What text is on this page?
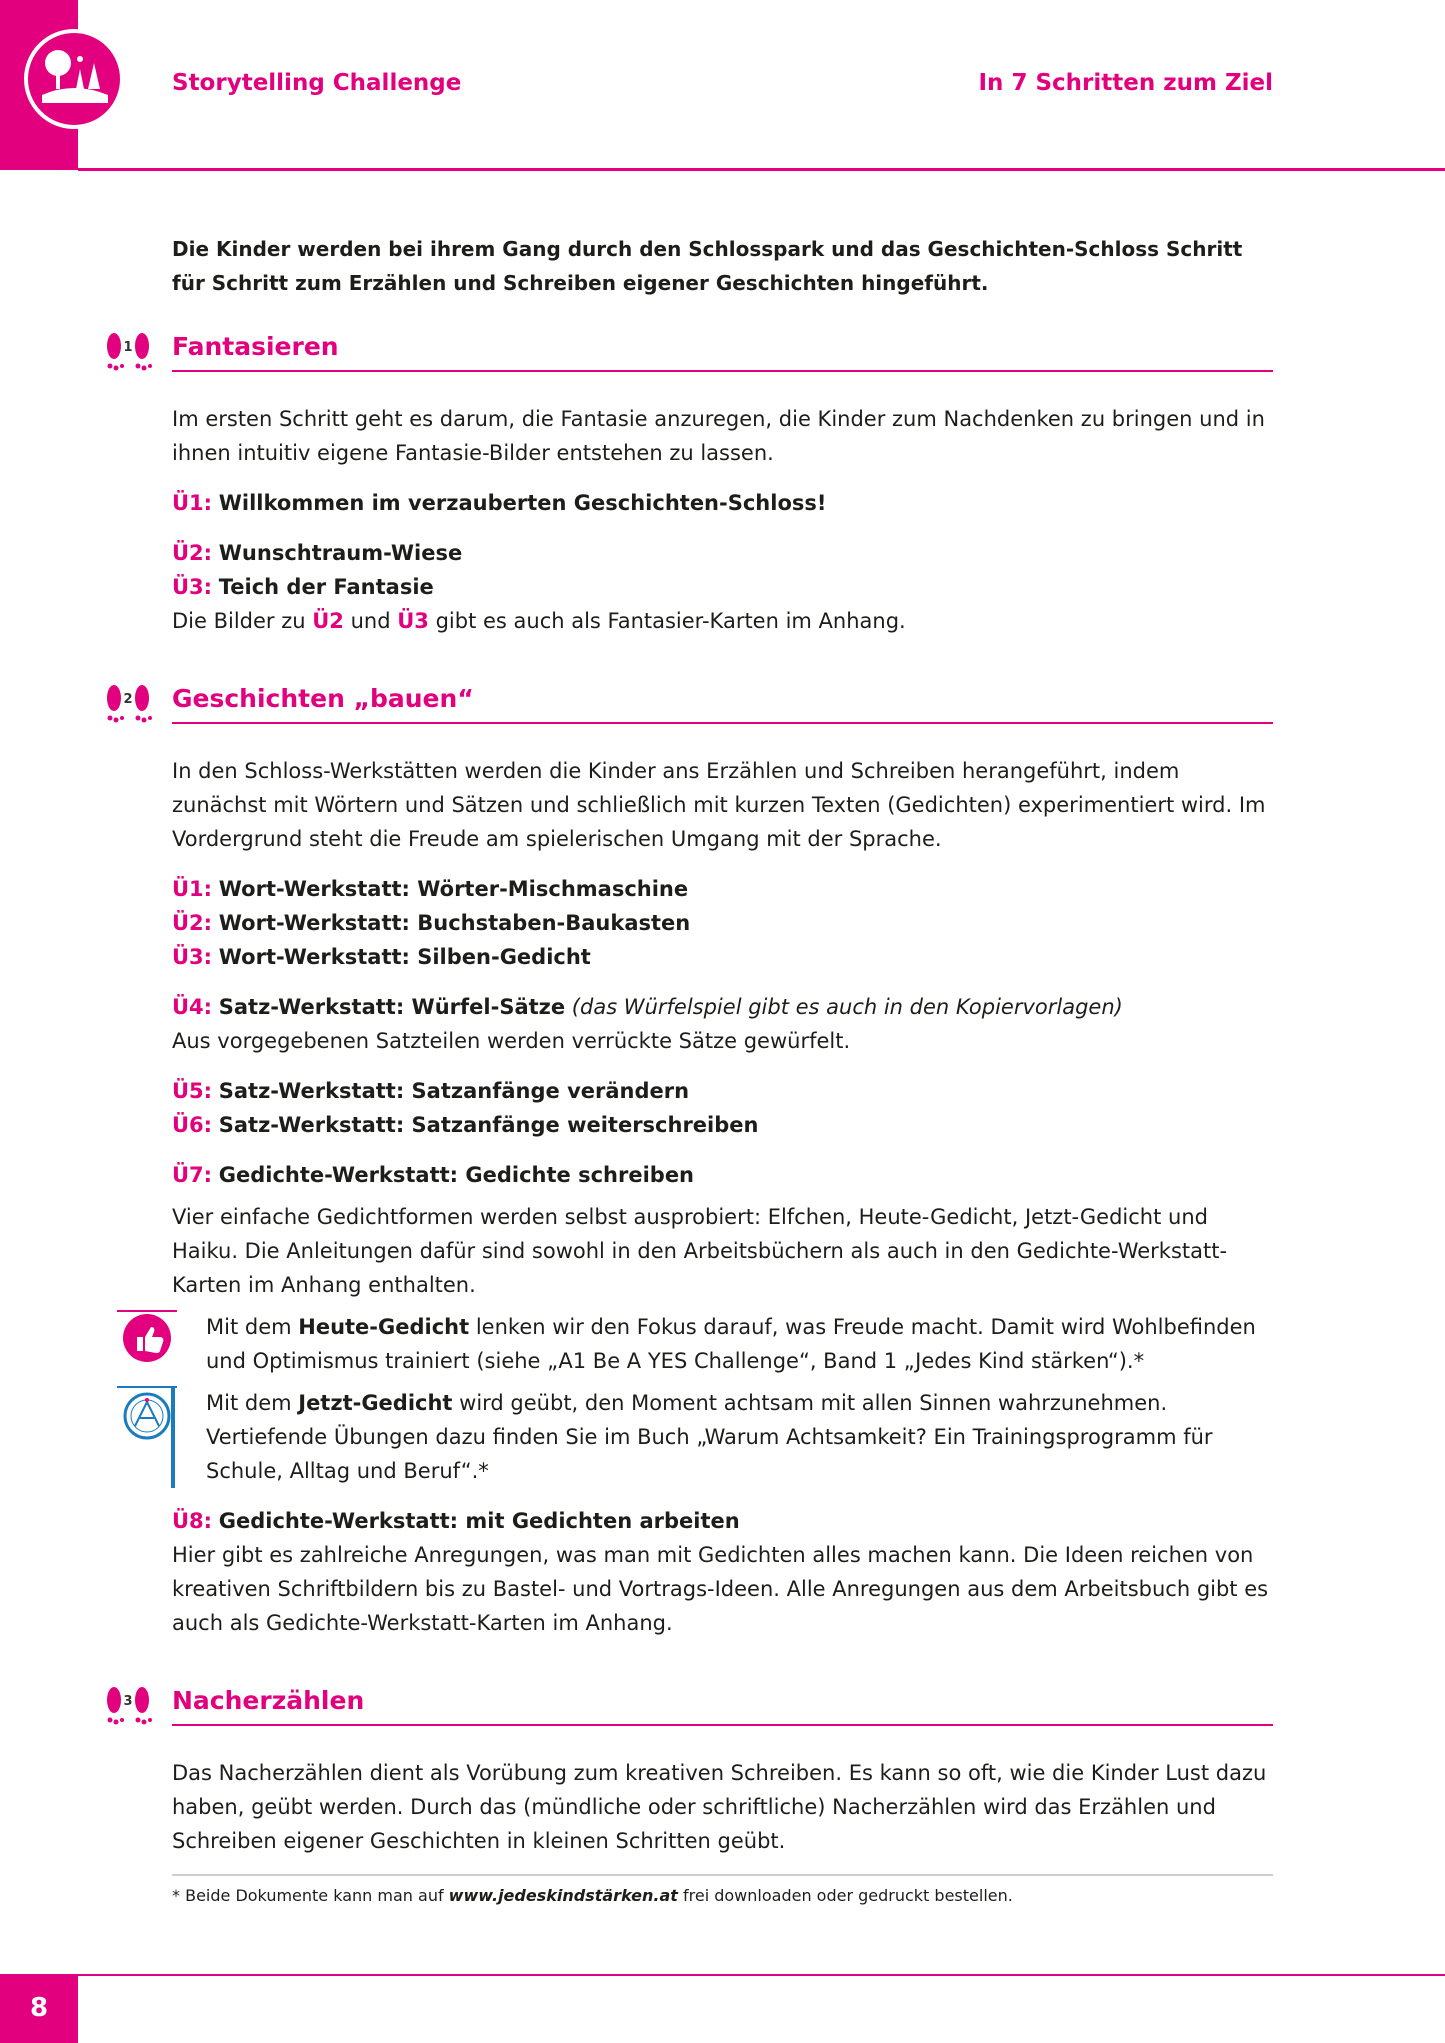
Storytelling Challenge	In 7 Schritten zum Ziel
Die Kinder werden bei ihrem Gang durch den Schlosspark und das Geschichten-Schloss Schritt für Schritt zum Erzählen und Schreiben eigener Geschichten hingeführt.
1 Fantasieren

Im ersten Schritt geht es darum, die Fantasie anzuregen, die Kinder zum Nachdenken zu bringen und in ihnen intuitiv eigene Fantasie-Bilder entstehen zu lassen.

Ü1: Willkommen im verzauberten Geschichten-Schloss!

Ü2: Wunschtraum-Wiese

Ü3: Teich der Fantasie

Die Bilder zu Ü2 und Ü3 gibt es auch als Fantasier-Karten im Anhang.

2 Geschichten „bauen“

In den Schloss-Werkstätten werden die Kinder ans Erzählen und Schreiben herangeführt, indem zunächst mit Wörtern und Sätzen und schließlich mit kurzen Texten (Gedichten) experimentiert wird. Im Vordergrund steht die Freude am spielerischen Umgang mit der Sprache.

Ü1: Wort-Werkstatt: Wörter-Mischmaschine

Ü2: Wort-Werkstatt: Buchstaben-Baukasten

Ü3: Wort-Werkstatt: Silben-Gedicht

Ü4: Satz-Werkstatt: Würfel-Sätze (das Würfelspiel gibt es auch in den Kopiervorlagen)

Aus vorgegebenen Satzteilen werden verrückte Sätze gewürfelt.

Ü5: Satz-Werkstatt: Satzanfänge verändern

Ü6: Satz-Werkstatt: Satzanfänge weiterschreiben

Ü7: Gedichte-Werkstatt: Gedichte schreiben

Vier einfache Gedichtformen werden selbst ausprobiert: Elfchen, Heute-Gedicht, Jetzt-Gedicht und Haiku. Die Anleitungen dafür sind sowohl in den Arbeitsbüchern als auch in den Gedichte-Werkstatt-Karten im Anhang enthalten.

Mit dem Heute-Gedicht lenken wir den Fokus darauf, was Freude macht. Damit wird Wohlbefinden und Optimismus trainiert (siehe „A1 Be A YES Challenge“, Band 1 „Jedes Kind stärken“).*

Mit dem Jetzt-Gedicht wird geübt, den Moment achtsam mit allen Sinnen wahrzunehmen. Vertiefende Übungen dazu finden Sie im Buch „Warum Achtsamkeit? Ein Trainingsprogramm für Schule, Alltag und Beruf“.*

Ü8: Gedichte-Werkstatt: mit Gedichten arbeiten

Hier gibt es zahlreiche Anregungen, was man mit Gedichten alles machen kann. Die Ideen reichen von kreativen Schriftbildern bis zu Bastel- und Vortrags-Ideen. Alle Anregungen aus dem Arbeitsbuch gibt es auch als Gedichte-Werkstatt-Karten im Anhang.

3 Nacherzählen

Das Nacherzählen dient als Vorübung zum kreativen Schreiben. Es kann so oft, wie die Kinder Lust dazu haben, geübt werden. Durch das (mündliche oder schriftliche) Nacherzählen wird das Erzählen und Schreiben eigener Geschichten in kleinen Schritten geübt.

* Beide Dokumente kann man auf www.jedeskindstärken.at frei downloaden oder gedruckt bestellen.
8
